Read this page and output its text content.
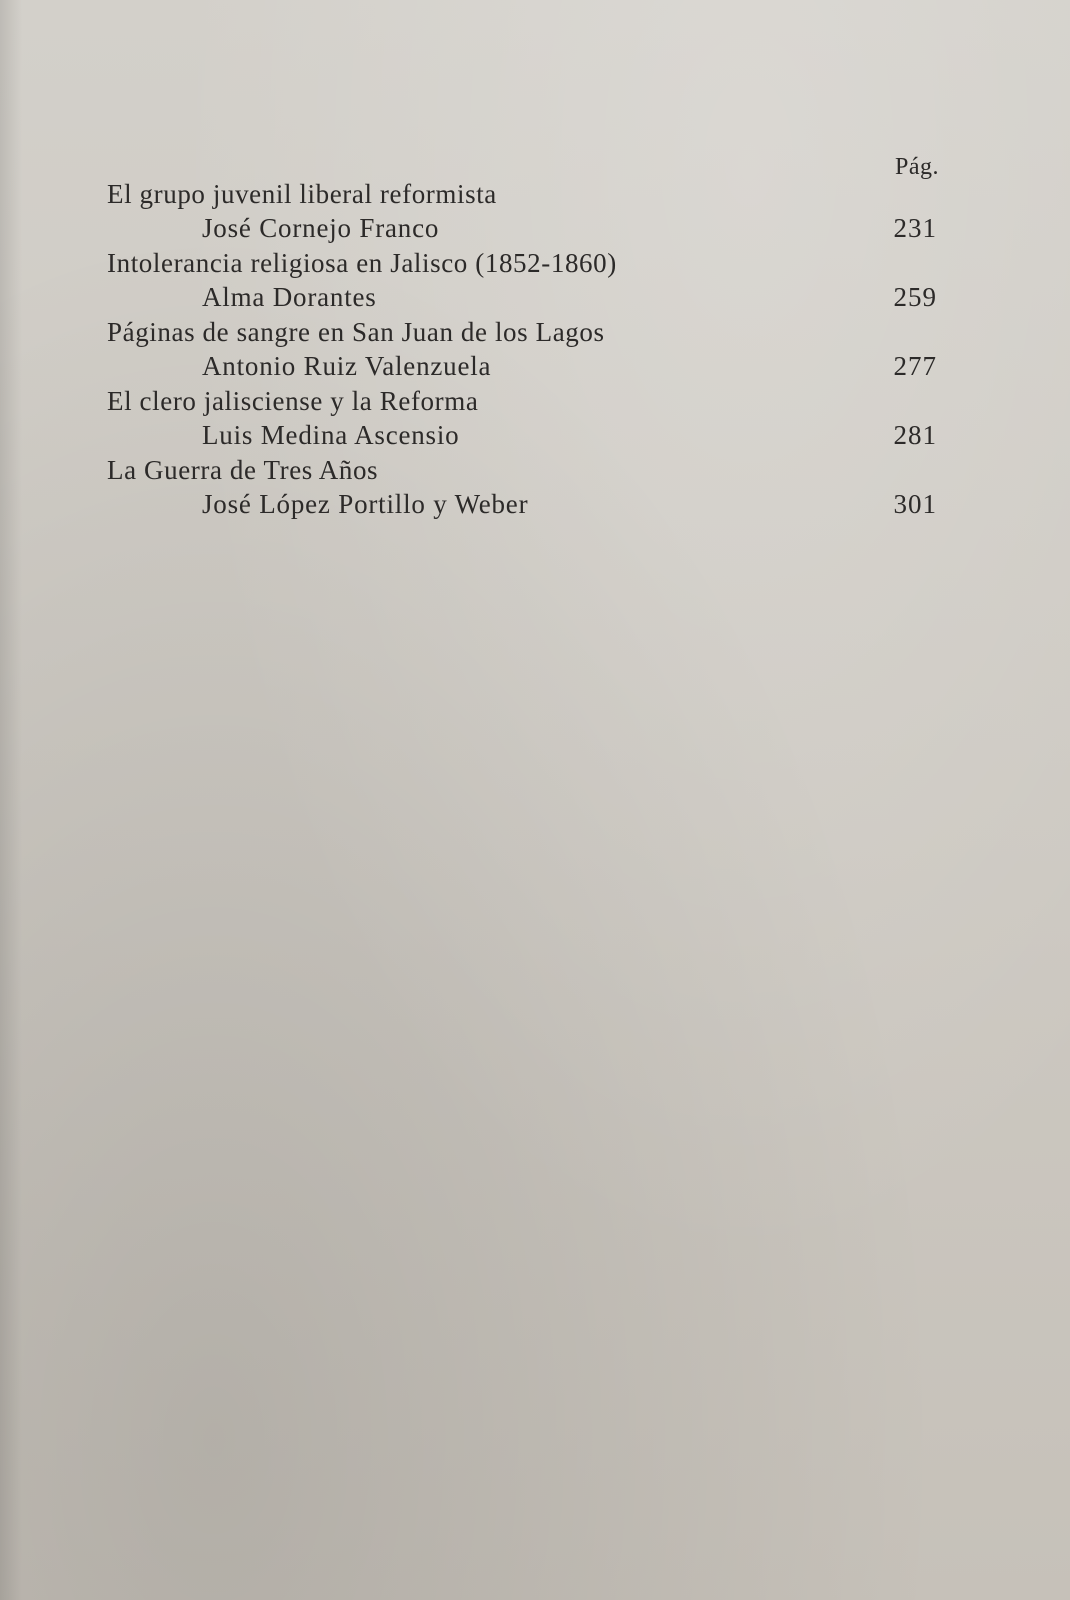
Pág.
El grupo juvenil liberal reformista
José Cornejo Franco	231
Intolerancia religiosa en Jalisco (1852-1860)
Alma Dorantes	259
Páginas de sangre en San Juan de los Lagos
Antonio Ruiz Valenzuela	277
El clero jalisciense y la Reforma
Luis Medina Ascensio	281
La Guerra de Tres Años
José López Portillo y Weber	301
